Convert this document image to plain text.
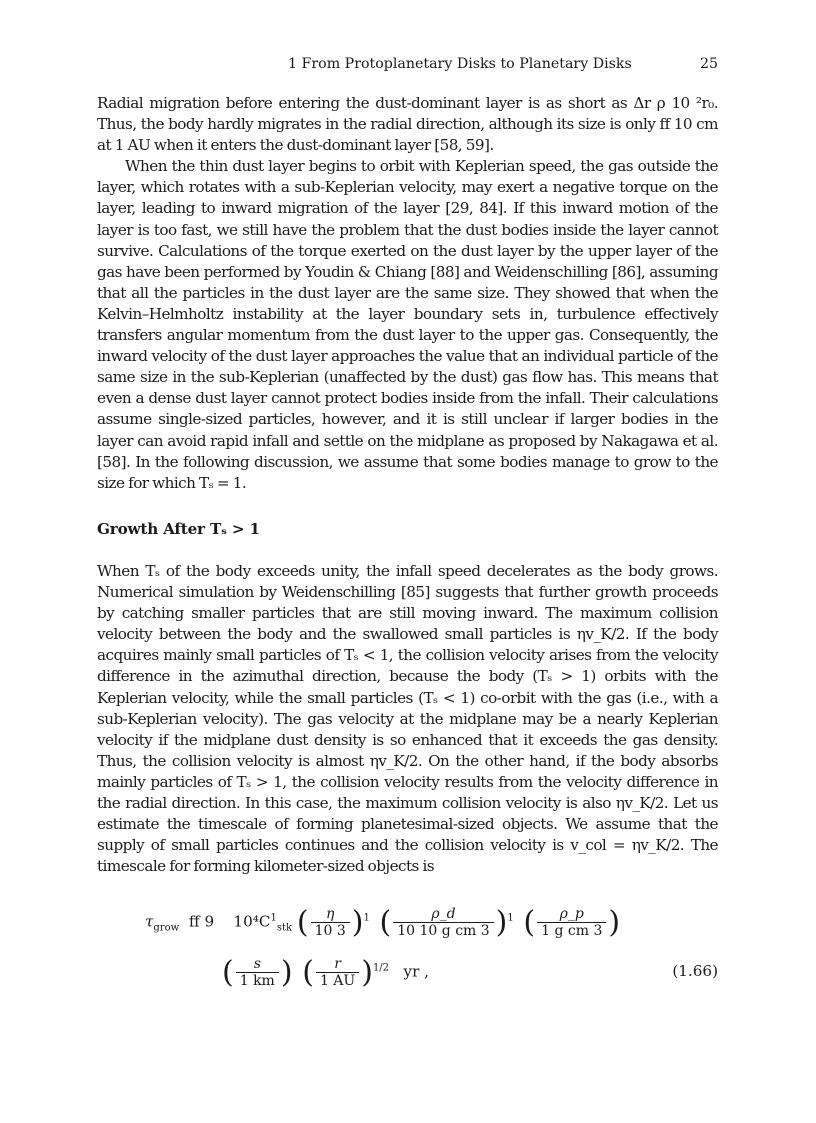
1 From Protoplanetary Disks to Planetary Disks	25

Radial migration before entering the dust-dominant layer is as short as Δr ρ 10 ²r₀. Thus, the body hardly migrates in the radial direction, although its size is only ff 10 cm at 1 AU when it enters the dust-dominant layer [58, 59].

When the thin dust layer begins to orbit with Keplerian speed, the gas outside the layer, which rotates with a sub-Keplerian velocity, may exert a negative torque on the layer, leading to inward migration of the layer [29, 84]. If this inward motion of the layer is too fast, we still have the problem that the dust bodies inside the layer cannot survive. Calculations of the torque exerted on the dust layer by the upper layer of the gas have been performed by Youdin & Chiang [88] and Weidenschilling [86], assuming that all the particles in the dust layer are the same size. They showed that when the Kelvin–Helmholtz instability at the layer boundary sets in, turbulence effectively transfers angular momentum from the dust layer to the upper gas. Consequently, the inward velocity of the dust layer approaches the value that an individual particle of the same size in the sub-Keplerian (unaffected by the dust) gas flow has. This means that even a dense dust layer cannot protect bodies inside from the infall. Their calculations assume single-sized particles, however, and it is still unclear if larger bodies in the layer can avoid rapid infall and settle on the midplane as proposed by Nakagawa et al. [58]. In the following discussion, we assume that some bodies manage to grow to the size for which Tₛ = 1.

Growth After Tₛ > 1

When Tₛ of the body exceeds unity, the infall speed decelerates as the body grows. Numerical simulation by Weidenschilling [85] suggests that further growth proceeds by catching smaller particles that are still moving inward. The maximum collision velocity between the body and the swallowed small particles is ηv_K/2. If the body acquires mainly small particles of Tₛ < 1, the collision velocity arises from the velocity difference in the azimuthal direction, because the body (Tₛ > 1) orbits with the Keplerian velocity, while the small particles (Tₛ < 1) co-orbit with the gas (i.e., with a sub-Keplerian velocity). The gas velocity at the midplane may be a nearly Keplerian velocity if the midplane dust density is so enhanced that it exceeds the gas density. Thus, the collision velocity is almost ηv_K/2. On the other hand, if the body absorbs mainly particles of Tₛ > 1, the collision velocity results from the velocity difference in the radial direction. In this case, the maximum collision velocity is also ηv_K/2. Let us estimate the timescale of forming planetesimal-sized objects. We assume that the supply of small particles continues and the collision velocity is v_col = ηv_K/2. The timescale for forming kilometer-sized objects is

$\tau_{grow}$ ff 9 $10^4C^1_{stk}$ ( $\frac{\eta}{10 3} )^1$ ( $\frac{\rho\_d}{\text{10 10 g cm 3}} )^1$ ( $\frac{\rho\_p}{\text{1 g cm 3}}$ )
( $\frac{s}{1 km}$ ) ( $\frac{r}{1 AU} )^{1/2}$ yr ,	(1.66)
